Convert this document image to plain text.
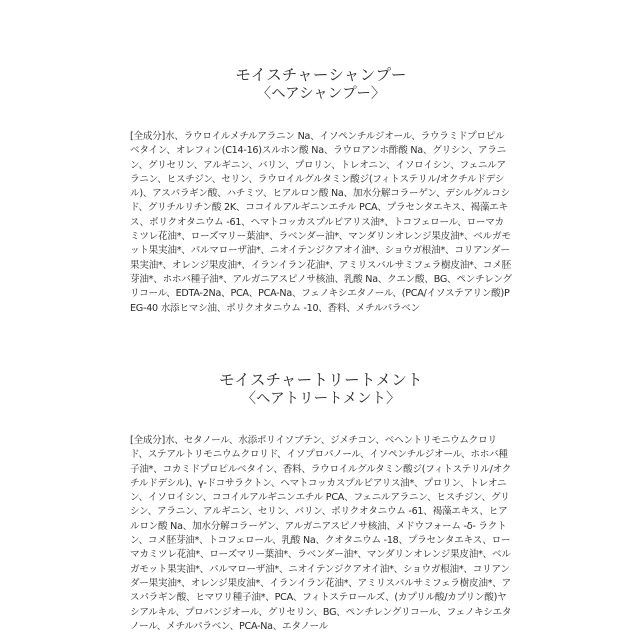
モイスチャーシャンプー
〈ヘアシャンプー〉

[全成分]水、ラウロイルメチルアラニン Na、イソペンチルジオール、ラウラミドプロピルベタイン、オレフィン(C14-16)スルホン酸 Na、ラウロアンホ酢酸 Na、グリシン、アラニン、グリセリン、アルギニン、バリン、プロリン、トレオニン、イソロイシン、フェニルアラニン、ヒスチジン、セリン、ラウロイルグルタミン酸ジ(フィトステリル/オクチルドデシル)、アスパラギン酸、ハチミツ、ヒアルロン酸 Na、加水分解コラーゲン、デシルグルコシド、グリチルリチン酸 2K、ココイルアルギニンエチル PCA、プラセンタエキス、褐藻エキス、ポリクオタニウム -61、ヘマトコッカスプルビアリス油*、トコフェロール、ローマカミツレ花油*、ローズマリー葉油*、ラベンダー油*、マンダリンオレンジ果皮油*、ベルガモット果実油*、パルマローザ油*、ニオイテンジクアオイ油*、ショウガ根油*、コリアンダー果実油*、オレンジ果皮油*、イランイラン花油*、アミリスバルサミフェラ樹皮油*、コメ胚芽油*、ホホバ種子油*、アルガニアスピノサ核油、乳酸 Na、クエン酸、BG、ペンチレングリコール、EDTA-2Na、PCA、PCA-Na、フェノキシエタノール、(PCA/イソステアリン酸)PEG-40 水添ヒマシ油、ポリクオタニウム -10、香料、メチルパラベン

モイスチャートリートメント
〈ヘアトリートメント〉

[全成分]水、セタノール、水添ポリイソブテン、ジメチコン、ベヘントリモニウムクロリド、ステアルトリモニウムクロリド、イソプロパノール、イソペンチルジオール、ホホバ種子油*、コカミドプロピルベタイン、香料、ラウロイルグルタミン酸ジ(フィトステリル/オクチルドデシル)、γ-ドコサラクトン、ヘマトコッカスプルビアリス油*、プロリン、トレオニン、イソロイシン、ココイルアルギニンエチル PCA、フェニルアラニン、ヒスチジン、グリシン、アラニン、アルギニン、セリン、バリン、ポリクオタニウム -61、褐藻エキス、ヒアルロン酸 Na、加水分解コラーゲン、アルガニアスピノサ核油、メドウフォーム -δ- ラクトン、コメ胚芽油*、トコフェロール、乳酸 Na、クオタニウム -18、プラセンタエキス、ローマカミツレ花油*、ローズマリー葉油*、ラベンダー油*、マンダリンオレンジ果皮油*、ベルガモット果実油*、パルマローザ油*、ニオイテンジクアオイ油*、ショウガ根油*、コリアンダー果実油*、オレンジ果皮油*、イランイラン花油*、アミリスバルサミフェラ樹皮油*、アスパラギン酸、ヒマワリ種子油*、PCA、フィトステロールズ、(カプリル酸/カプリン酸)ヤシアルキル、プロパンジオール、グリセリン、BG、ペンチレングリコール、フェノキシエタノール、メチルパラベン、PCA-Na、エタノール
